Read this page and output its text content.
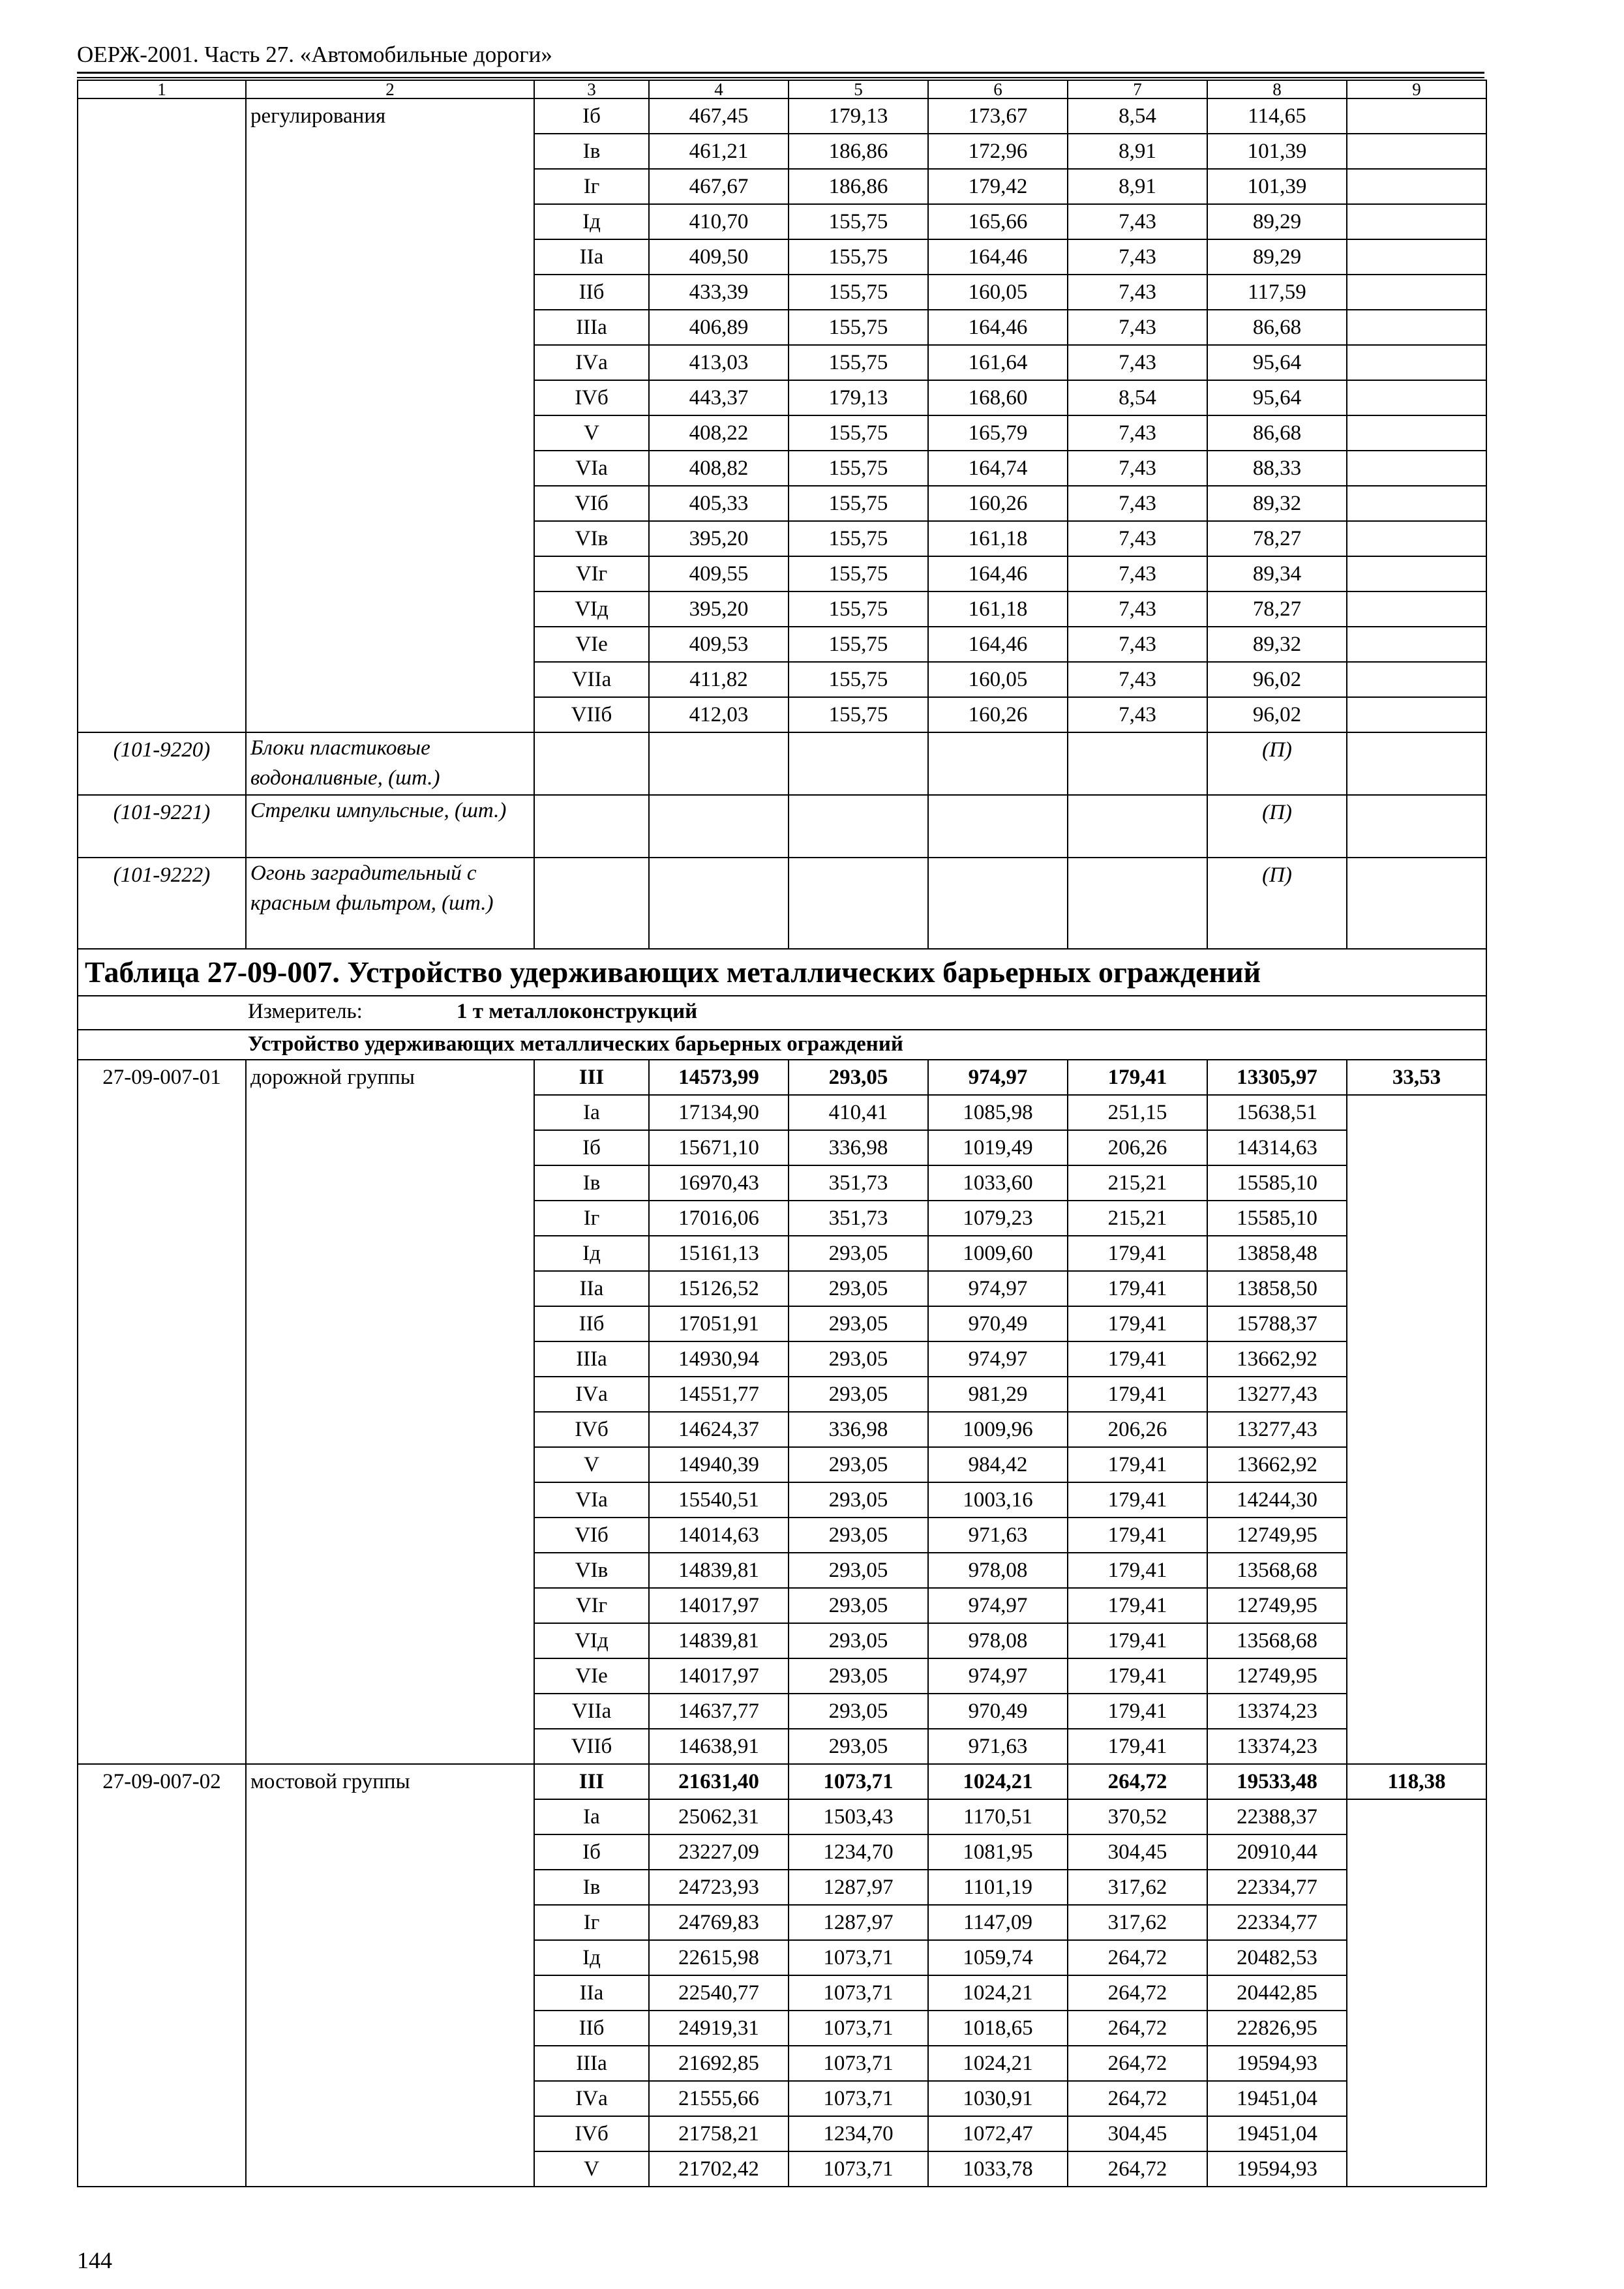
ОЕРЖ-2001. Часть 27. «Автомобильные дороги»
1	2	3	4	5	6	7	8	9
	регулирования	Iб	467,45	179,13	173,67	8,54	114,65	
		Iв	461,21	186,86	172,96	8,91	101,39	
		Iг	467,67	186,86	179,42	8,91	101,39	
		Iд	410,70	155,75	165,66	7,43	89,29	
		IIа	409,50	155,75	164,46	7,43	89,29	
		IIб	433,39	155,75	160,05	7,43	117,59	
		IIIа	406,89	155,75	164,46	7,43	86,68	
		IVа	413,03	155,75	161,64	7,43	95,64	
		IVб	443,37	179,13	168,60	8,54	95,64	
		V	408,22	155,75	165,79	7,43	86,68	
		VIа	408,82	155,75	164,74	7,43	88,33	
		VIб	405,33	155,75	160,26	7,43	89,32	
		VIв	395,20	155,75	161,18	7,43	78,27	
		VIг	409,55	155,75	164,46	7,43	89,34	
		VIд	395,20	155,75	161,18	7,43	78,27	
		VIе	409,53	155,75	164,46	7,43	89,32	
		VIIа	411,82	155,75	160,05	7,43	96,02	
		VIIб	412,03	155,75	160,26	7,43	96,02	
(101-9220)	Блоки пластиковые водоналивные, (шт.)						(П)	
(101-9221)	Стрелки импульсные, (шт.)						(П)	
(101-9222)	Огонь заградительный с красным фильтром, (шт.)						(П)	
Таблица 27-09-007. Устройство удерживающих металлических барьерных ограждений								
Измеритель: 1 т металлоконструкций								
Устройство удерживающих металлических барьерных ограждений								
27-09-007-01	дорожной группы	III	14573,99	293,05	974,97	179,41	13305,97	33,53
		Iа	17134,90	410,41	1085,98	251,15	15638,51	
		Iб	15671,10	336,98	1019,49	206,26	14314,63	
		Iв	16970,43	351,73	1033,60	215,21	15585,10	
		Iг	17016,06	351,73	1079,23	215,21	15585,10	
		Iд	15161,13	293,05	1009,60	179,41	13858,48	
		IIа	15126,52	293,05	974,97	179,41	13858,50	
		IIб	17051,91	293,05	970,49	179,41	15788,37	
		IIIа	14930,94	293,05	974,97	179,41	13662,92	
		IVа	14551,77	293,05	981,29	179,41	13277,43	
		IVб	14624,37	336,98	1009,96	206,26	13277,43	
		V	14940,39	293,05	984,42	179,41	13662,92	
		VIа	15540,51	293,05	1003,16	179,41	14244,30	
		VIб	14014,63	293,05	971,63	179,41	12749,95	
		VIв	14839,81	293,05	978,08	179,41	13568,68	
		VIг	14017,97	293,05	974,97	179,41	12749,95	
		VIд	14839,81	293,05	978,08	179,41	13568,68	
		VIе	14017,97	293,05	974,97	179,41	12749,95	
		VIIа	14637,77	293,05	970,49	179,41	13374,23	
		VIIб	14638,91	293,05	971,63	179,41	13374,23	
27-09-007-02	мостовой группы	III	21631,40	1073,71	1024,21	264,72	19533,48	118,38
		Iа	25062,31	1503,43	1170,51	370,52	22388,37	
		Iб	23227,09	1234,70	1081,95	304,45	20910,44	
		Iв	24723,93	1287,97	1101,19	317,62	22334,77	
		Iг	24769,83	1287,97	1147,09	317,62	22334,77	
		Iд	22615,98	1073,71	1059,74	264,72	20482,53	
		IIа	22540,77	1073,71	1024,21	264,72	20442,85	
		IIб	24919,31	1073,71	1018,65	264,72	22826,95	
		IIIа	21692,85	1073,71	1024,21	264,72	19594,93	
		IVа	21555,66	1073,71	1030,91	264,72	19451,04	
		IVб	21758,21	1234,70	1072,47	304,45	19451,04	
		V	21702,42	1073,71	1033,78	264,72	19594,93	
144
